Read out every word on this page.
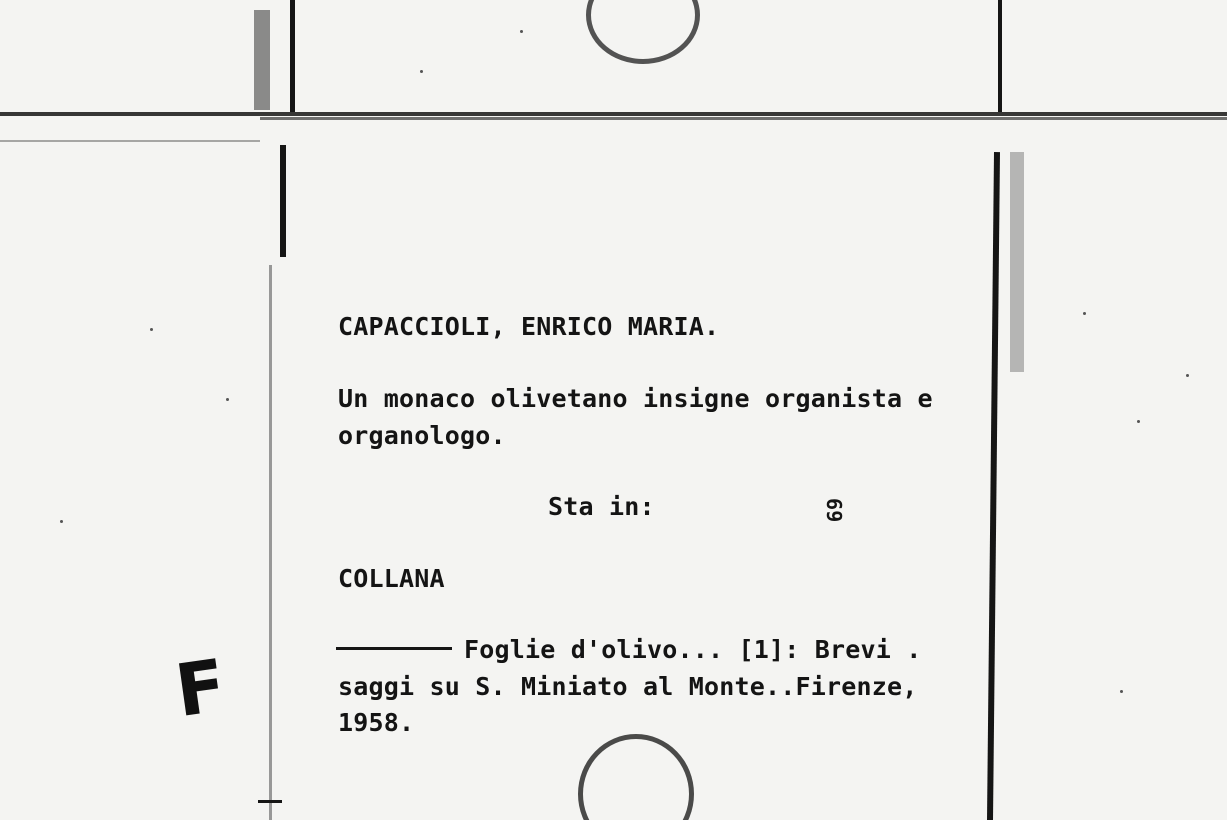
CAPACCIOLI, ENRICO MARIA.
Un monaco olivetano insigne organista e
organologo.
Sta in:	69
COLLANA
Foglie d'olivo... [1]: Brevi .
saggi su S. Miniato al Monte..Firenze,
1958.
F
